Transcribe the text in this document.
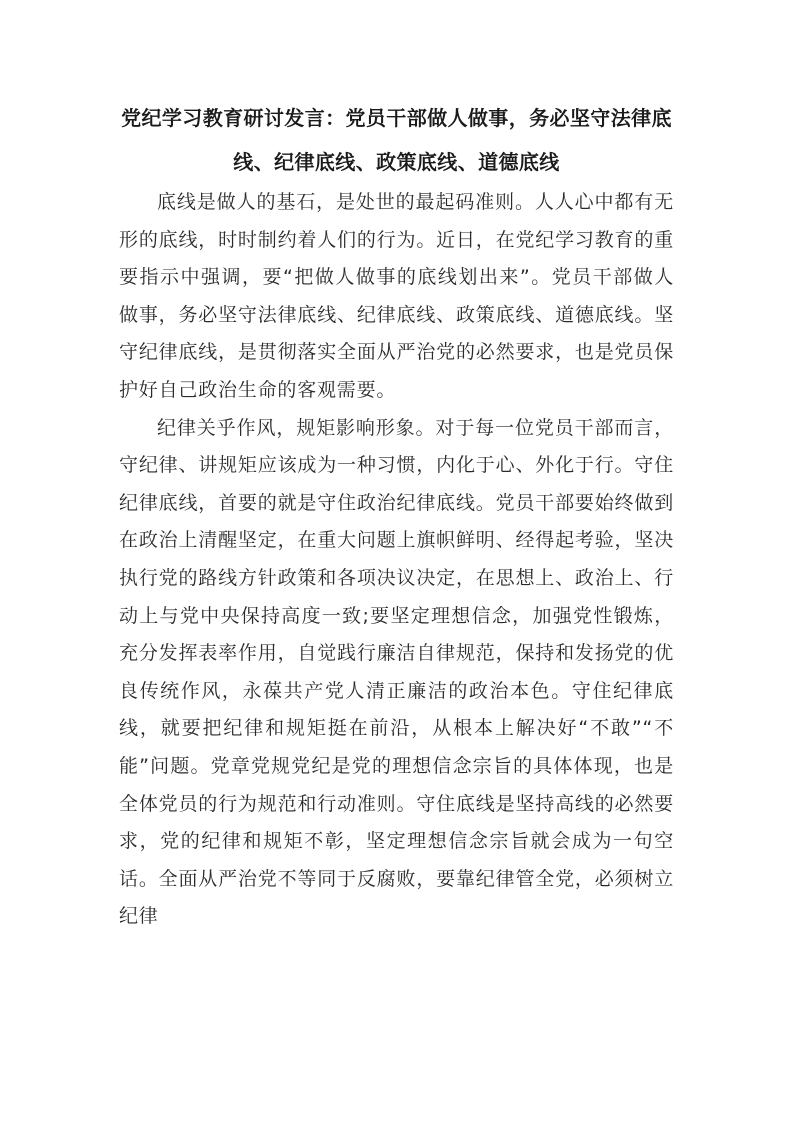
党纪学习教育研讨发言：党员干部做人做事，务必坚守法律底线、纪律底线、政策底线、道德底线

底线是做人的基石，是处世的最起码准则。人人心中都有无形的底线，时时制约着人们的行为。近日，在党纪学习教育的重要指示中强调，要“把做人做事的底线划出来”。党员干部做人做事，务必坚守法律底线、纪律底线、政策底线、道德底线。坚守纪律底线，是贯彻落实全面从严治党的必然要求，也是党员保护好自己政治生命的客观需要。

纪律关乎作风，规矩影响形象。对于每一位党员干部而言，守纪律、讲规矩应该成为一种习惯，内化于心、外化于行。守住纪律底线，首要的就是守住政治纪律底线。党员干部要始终做到在政治上清醒坚定，在重大问题上旗帜鲜明、经得起考验，坚决执行党的路线方针政策和各项决议决定，在思想上、政治上、行动上与党中央保持高度一致;要坚定理想信念，加强党性锻炼，充分发挥表率作用，自觉践行廉洁自律规范，保持和发扬党的优良传统作风，永葆共产党人清正廉洁的政治本色。守住纪律底线，就要把纪律和规矩挺在前沿，从根本上解决好“不敢”“不能”问题。党章党规党纪是党的理想信念宗旨的具体体现，也是全体党员的行为规范和行动准则。守住底线是坚持高线的必然要求，党的纪律和规矩不彰，坚定理想信念宗旨就会成为一句空话。全面从严治党不等同于反腐败，要靠纪律管全党，必须树立纪律
